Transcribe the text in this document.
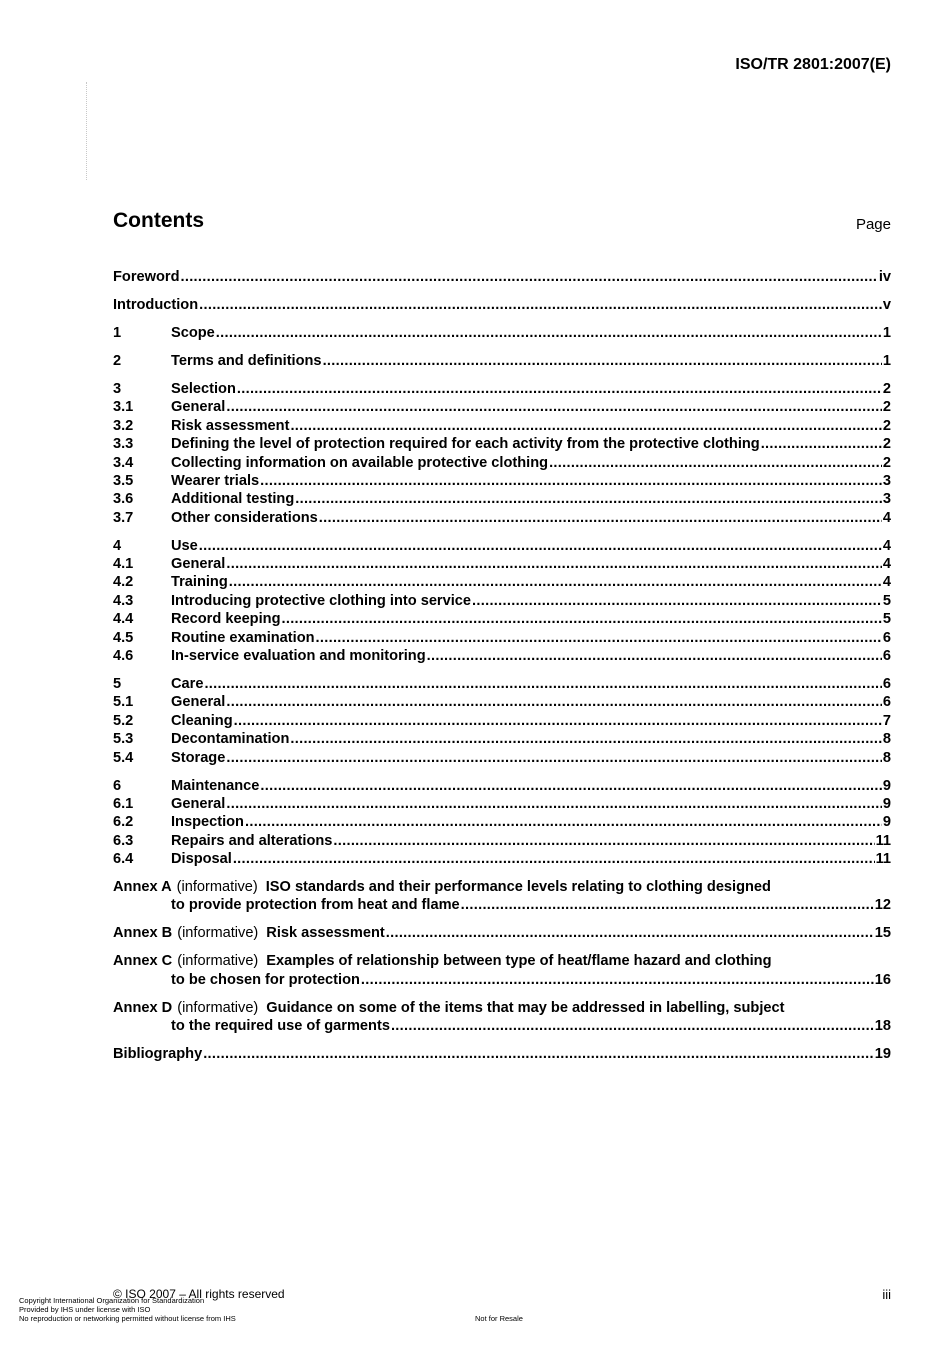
ISO/TR 2801:2007(E)
Contents	Page
Foreword .....	iv
Introduction .....	v
1	Scope .....	1
2	Terms and definitions .....	1
3	Selection .....	2
3.1	General .....	2
3.2	Risk assessment .....	2
3.3	Defining the level of protection required for each activity from the protective clothing .....	2
3.4	Collecting information on available protective clothing .....	2
3.5	Wearer trials .....	3
3.6	Additional testing .....	3
3.7	Other considerations .....	4
4	Use .....	4
4.1	General .....	4
4.2	Training .....	4
4.3	Introducing protective clothing into service .....	5
4.4	Record keeping .....	5
4.5	Routine examination .....	6
4.6	In-service evaluation and monitoring .....	6
5	Care .....	6
5.1	General .....	6
5.2	Cleaning .....	7
5.3	Decontamination .....	8
5.4	Storage .....	8
6	Maintenance .....	9
6.1	General .....	9
6.2	Inspection .....	9
6.3	Repairs and alterations .....	11
6.4	Disposal .....	11
Annex A (informative) ISO standards and their performance levels relating to clothing designed
to provide protection from heat and flame .....	12
Annex B (informative) Risk assessment .....	15
Annex C (informative) Examples of relationship between type of heat/flame hazard and clothing
to be chosen for protection .....	16
Annex D (informative) Guidance on some of the items that may be addressed in labelling, subject
to the required use of garments .....	18
Bibliography .....	19
© ISO 2007 – All rights reserved	iii
Copyright International Organization for Standardization
Provided by IHS under license with ISO
No reproduction or networking permitted without license from IHS	Not for Resale
